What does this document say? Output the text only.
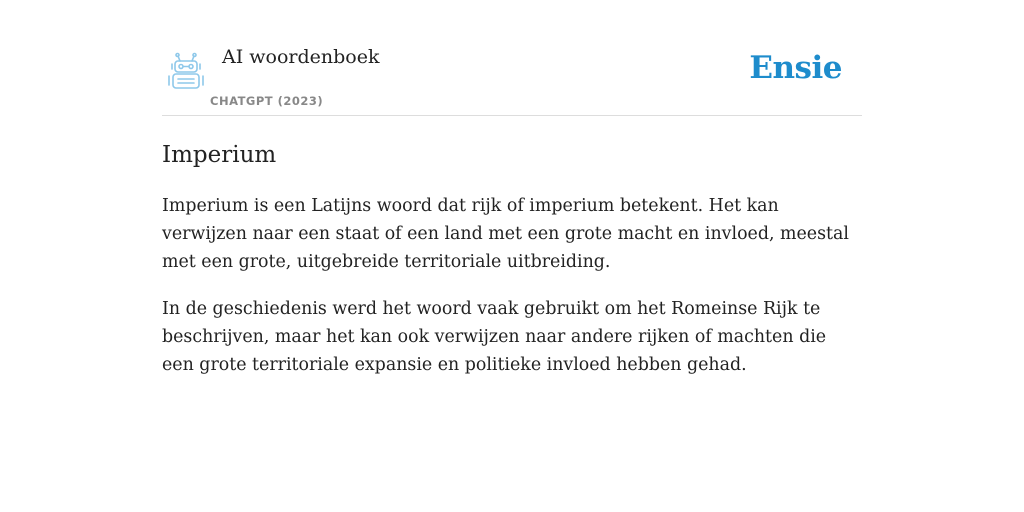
AI woordenboek
CHATGPT (2023)
Ensie
Imperium

Imperium is een Latijns woord dat rijk of imperium betekent. Het kan verwijzen naar een staat of een land met een grote macht en invloed, meestal met een grote, uitgebreide territoriale uitbreiding.

In de geschiedenis werd het woord vaak gebruikt om het Romeinse Rijk te beschrijven, maar het kan ook verwijzen naar andere rijken of machten die een grote territoriale expansie en politieke invloed hebben gehad.
